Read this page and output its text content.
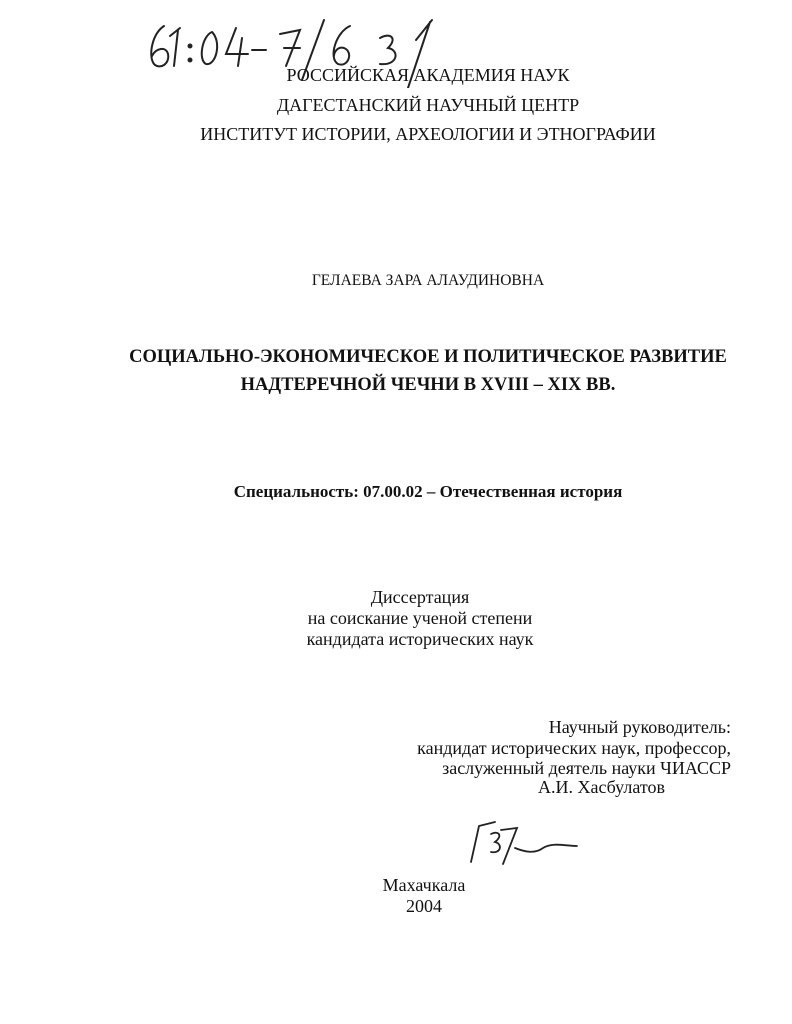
РОССИЙСКАЯ АКАДЕМИЯ НАУК
ДАГЕСТАНСКИЙ НАУЧНЫЙ ЦЕНТР
ИНСТИТУТ ИСТОРИИ, АРХЕОЛОГИИ И ЭТНОГРАФИИ
ГЕЛАЕВА ЗАРА АЛАУДИНОВНА
СОЦИАЛЬНО-ЭКОНОМИЧЕСКОЕ И ПОЛИТИЧЕСКОЕ РАЗВИТИЕ
НАДТЕРЕЧНОЙ ЧЕЧНИ В XVIII – XIX ВВ.
Специальность: 07.00.02 – Отечественная история
Диссертация
на соискание ученой степени
кандидата исторических наук
Научный руководитель:
кандидат исторических наук, профессор,
заслуженный деятель науки ЧИАССР
А.И. Хасбулатов
Махачкала
2004
